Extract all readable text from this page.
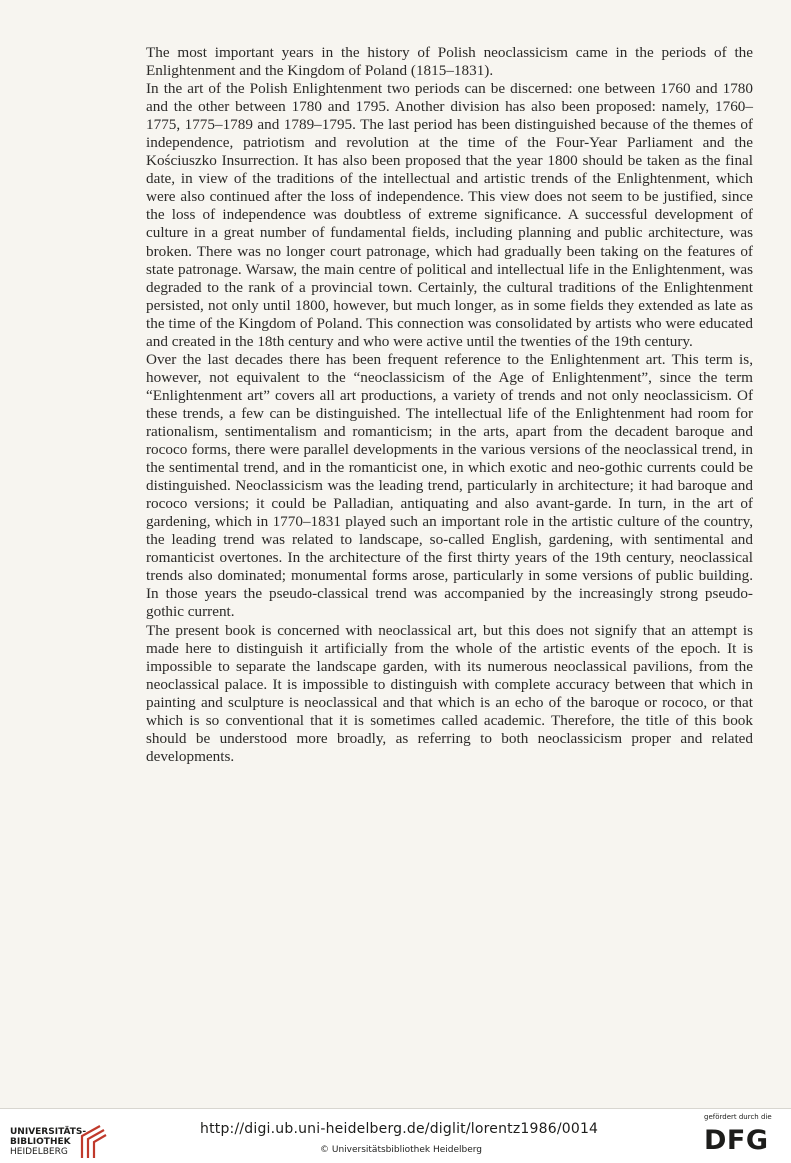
The most important years in the history of Polish neoclassicism came in the periods of the Enlightenment and the Kingdom of Poland (1815–1831).

In the art of the Polish Enlightenment two periods can be discerned: one between 1760 and 1780 and the other between 1780 and 1795. Another division has also been proposed: namely, 1760–1775, 1775–1789 and 1789–1795. The last period has been distinguished because of the themes of independence, patriotism and revolution at the time of the Four-Year Parliament and the Kościuszko Insurrection. It has also been proposed that the year 1800 should be taken as the final date, in view of the traditions of the intellectual and artistic trends of the Enlightenment, which were also continued after the loss of independence. This view does not seem to be justified, since the loss of independence was doubtless of extreme significance. A successful development of culture in a great number of fundamental fields, including planning and public architecture, was broken. There was no longer court patronage, which had gradually been taking on the features of state patronage. Warsaw, the main centre of political and intellectual life in the Enlightenment, was degraded to the rank of a provincial town. Certainly, the cultural traditions of the Enlightenment persisted, not only until 1800, however, but much longer, as in some fields they extended as late as the time of the Kingdom of Poland. This connection was consolidated by artists who were educated and created in the 18th century and who were active until the twenties of the 19th century.

Over the last decades there has been frequent reference to the Enlightenment art. This term is, however, not equivalent to the “neoclassicism of the Age of Enlightenment”, since the term “Enlightenment art” covers all art productions, a variety of trends and not only neoclassicism. Of these trends, a few can be distinguished. The intellectual life of the Enlightenment had room for rationalism, sentimentalism and romanticism; in the arts, apart from the decadent baroque and rococo forms, there were parallel developments in the various versions of the neoclassical trend, in the sentimental trend, and in the romanticist one, in which exotic and neo-gothic currents could be distinguished. Neoclassicism was the leading trend, particularly in architecture; it had baroque and rococo versions; it could be Palladian, antiquating and also avant-garde. In turn, in the art of gardening, which in 1770–1831 played such an important role in the artistic culture of the country, the leading trend was related to landscape, so-called English, gardening, with sentimental and romanticist overtones. In the architecture of the first thirty years of the 19th century, neoclassical trends also dominated; monumental forms arose, particularly in some versions of public building. In those years the pseudo-classical trend was accompanied by the increasingly strong pseudo-gothic current.

The present book is concerned with neoclassical art, but this does not signify that an attempt is made here to distinguish it artificially from the whole of the artistic events of the epoch. It is impossible to separate the landscape garden, with its numerous neoclassical pavilions, from the neoclassical palace. It is impossible to distinguish with complete accuracy between that which in painting and sculpture is neoclassical and that which is an echo of the baroque or rococo, or that which is so conventional that it is sometimes called academic. Therefore, the title of this book should be understood more broadly, as referring to both neoclassicism proper and related developments.

UNIVERSITÄTS-
BIBLIOTHEK
HEIDELBERG
http://digi.ub.uni-heidelberg.de/diglit/lorentz1986/0014
© Universitätsbibliothek Heidelberg
gefördert durch die
DFG
